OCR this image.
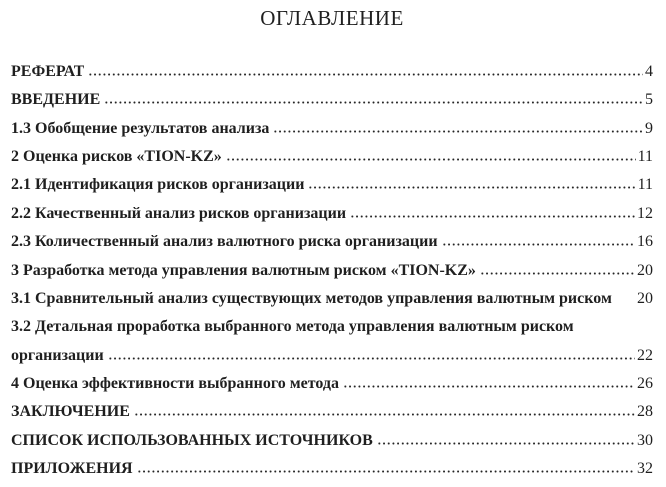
ОГЛАВЛЕНИЕ
РЕФЕРАТ	4
ВВЕДЕНИЕ	5
1.3 Обобщение результатов анализа	9
2 Оценка рисков «TION-KZ»	11
2.1 Идентификация рисков организации	11
2.2 Качественный анализ рисков организации	12
2.3 Количественный анализ валютного риска организации	16
3 Разработка метода управления валютным риском «TION-KZ»	20
3.1 Сравнительный анализ существующих методов управления валютным риском 20
3.2 Детальная проработка выбранного метода управления валютным риском
организации	22
4 Оценка эффективности выбранного метода	26
ЗАКЛЮЧЕНИЕ	28
СПИСОК ИСПОЛЬЗОВАННЫХ ИСТОЧНИКОВ	30
ПРИЛОЖЕНИЯ	32
